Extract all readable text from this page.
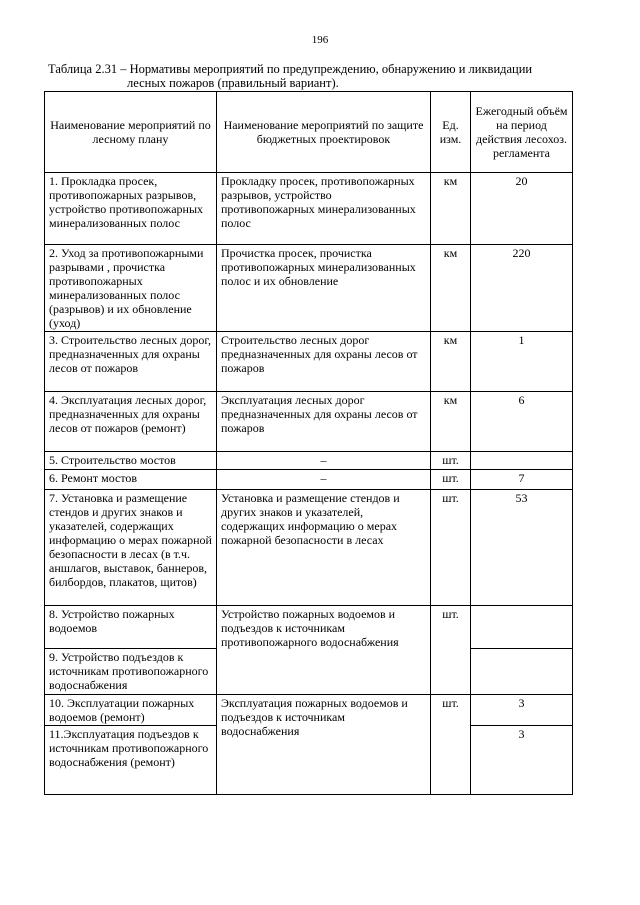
196
Таблица 2.31 – Нормативы мероприятий по предупреждению, обнаружению и ликвидации
лесных пожаров (правильный вариант).
Наименование мероприятий по лесному плану	Наименование мероприятий по защите бюджетных проектировок	Ед. изм.	Ежегодный объём на период действия лесохоз. регламента
1. Прокладка просек, противопожарных разрывов, устройство противопожарных минерализованных полос	Прокладку просек, противопожарных разрывов, устройство противопожарных минерализованных полос	км	20
2. Уход за противопожарными разрывами , прочистка противопожарных минерализованных полос (разрывов) и их обновление (уход)	Прочистка просек, прочистка противопожарных минерализованных полос и их обновление	км	220
3. Строительство лесных дорог, предназначенных для охраны лесов от пожаров	Строительство лесных дорог предназначенных для охраны лесов от пожаров	км	1
4. Эксплуатация лесных дорог, предназначенных для охраны лесов от пожаров (ремонт)	Эксплуатация лесных дорог предназначенных для охраны лесов от пожаров	км	6
5. Строительство мостов	–	шт.	
6. Ремонт мостов	–	шт.	7
7. Установка и размещение стендов и других знаков и указателей, содержащих информацию о мерах пожарной безопасности в лесах (в т.ч. аншлагов, выставок, баннеров, билбордов, плакатов, щитов)	Установка и размещение стендов и других знаков и указателей, содержащих информацию о мерах пожарной безопасности в лесах	шт.	53
8. Устройство пожарных водоемов	Устройство пожарных водоемов и подъездов к источникам противопожарного водоснабжения	шт.	
9. Устройство подъездов к источникам противопожарного водоснабжения			
10. Эксплуатации пожарных водоемов (ремонт)	Эксплуатация пожарных водоемов и подъездов к источникам водоснабжения	шт.	3
11.Эксплуатация подъездов к источникам противопожарного водоснабжения (ремонт)			3
